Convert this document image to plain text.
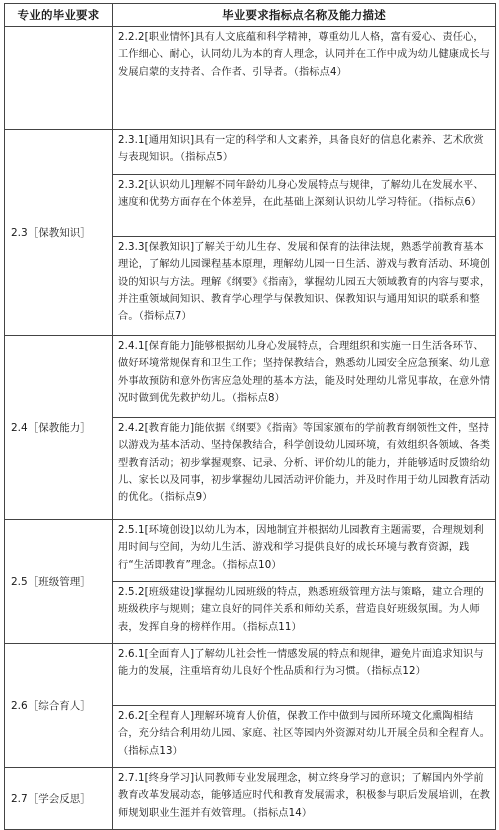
专业的毕业要求	毕业要求指标点名称及能力描述
	2.2.2[职业情怀]具有人文底蕴和科学精神，尊重幼儿人格，富有爱心、责任心，工作细心、耐心，认同幼儿为本的育人理念，认同并在工作中成为幼儿健康成长与发展启蒙的支持者、合作者、引导者。（指标点4）
2.3［保教知识］	2.3.1[通用知识]具有一定的科学和人文素养，具备良好的信息化素养、艺术欣赏与表现知识。（指标点5）
	2.3.2[认识幼儿]理解不同年龄幼儿身心发展特点与规律，了解幼儿在发展水平、速度和优势方面存在个体差异，在此基础上深刻认识幼儿学习特征。（指标点6）
	2.3.3[保教知识]了解关于幼儿生存、发展和保育的法律法规，熟悉学前教育基本理论，了解幼儿园课程基本原理，理解幼儿园一日生活、游戏与教育活动、环境创设的知识与方法。理解《纲要》《指南》，掌握幼儿园五大领域教育的内容与要求，并注重领域间知识、教育学心理学与保教知识、保教知识与通用知识的联系和整合。（指标点7）
2.4［保教能力］	2.4.1[保育能力]能够根据幼儿身心发展特点，合理组织和实施一日生活各环节、做好环境常规保育和卫生工作；坚持保教结合，熟悉幼儿园安全应急预案、幼儿意外事故预防和意外伤害应急处理的基本方法，能及时处理幼儿常见事故，在意外情况时做到优先救护幼儿。（指标点8）
	2.4.2[教育能力]能依据《纲要》《指南》等国家颁布的学前教育纲领性文件，坚持以游戏为基本活动、坚持保教结合，科学创设幼儿园环境，有效组织各领域、各类型教育活动；初步掌握观察、记录、分析、评价幼儿的能力，并能够适时反馈给幼儿、家长以及同事，初步掌握幼儿园活动评价能力，并及时作用于幼儿园教育活动的优化。（指标点9）
2.5［班级管理］	2.5.1[环境创设]以幼儿为本，因地制宜并根据幼儿园教育主题需要，合理规划利用时间与空间，为幼儿生活、游戏和学习提供良好的成长环境与教育资源，践行“生活即教育”理念。（指标点10）
	2.5.2[班级建设]掌握幼儿园班级的特点，熟悉班级管理方法与策略，建立合理的班级秩序与规则；建立良好的同伴关系和师幼关系，营造良好班级氛围。为人师表，发挥自身的榜样作用。（指标点11）
2.6［综合育人］	2.6.1[全面育人]了解幼儿社会性一情感发展的特点和规律，避免片面追求知识与能力的发展，注重培育幼儿良好个性品质和行为习惯。（指标点12）
	2.6.2[全程育人]理解环境育人价值，保教工作中做到与园所环境文化熏陶相结合，充分结合利用幼儿园、家庭、社区等园内外资源对幼儿开展全员和全程育人。（指标点13）
2.7［学会反思］	2.7.1[终身学习]认同教师专业发展理念，树立终身学习的意识；了解国内外学前教育改革发展动态，能够适应时代和教育发展需求，积极参与职后发展培训，在教师规划职业生涯并有效管理。（指标点14）
